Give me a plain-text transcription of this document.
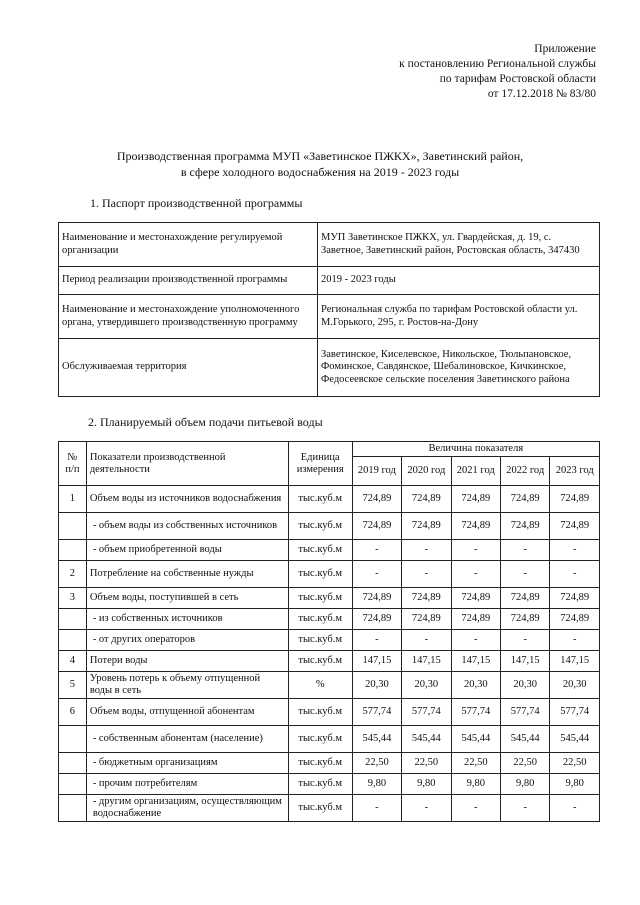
Приложение
к постановлению Региональной службы
по тарифам Ростовской области
от 17.12.2018 № 83/80
Производственная программа МУП «Заветинское ПЖКХ», Заветинский район,
в сфере холодного водоснабжения на 2019 - 2023 годы
1. Паспорт производственной программы
Наименование и местонахождение регулируемой организации	МУП Заветинское ПЖКХ, ул. Гвардейская, д. 19, с. Заветное, Заветинский район, Ростовская область, 347430
Период реализации производственной программы	2019 - 2023 годы
Наименование и местонахождение уполномоченного органа, утвердившего производственную программу	Региональная служба по тарифам Ростовской области ул. М.Горького, 295, г. Ростов-на-Дону
Обслуживаемая территория	Заветинское, Киселевское, Никольское, Тюльпановское, Фоминское, Савдянское, Шебалиновское, Кичкинское, Федосеевское сельские поселения Заветинского района
2. Планируемый объем подачи питьевой воды
№ п/п	Показатели производственной деятельности	Единица измерения	Величина показателя				
			2019 год	2020 год	2021 год	2022 год	2023 год
1	Объем воды из источников водоснабжения	тыс.куб.м	724,89	724,89	724,89	724,89	724,89
	- объем воды из собственных источников	тыс.куб.м	724,89	724,89	724,89	724,89	724,89
	- объем приобретенной воды	тыс.куб.м	-	-	-	-	-
2	Потребление на собственные нужды	тыс.куб.м	-	-	-	-	-
3	Объем воды, поступившей в сеть	тыс.куб.м	724,89	724,89	724,89	724,89	724,89
	- из собственных источников	тыс.куб.м	724,89	724,89	724,89	724,89	724,89
	- от других операторов	тыс.куб.м	-	-	-	-	-
4	Потери воды	тыс.куб.м	147,15	147,15	147,15	147,15	147,15
5	Уровень потерь к объему отпущенной воды в сеть	%	20,30	20,30	20,30	20,30	20,30
6	Объем воды, отпущенной абонентам	тыс.куб.м	577,74	577,74	577,74	577,74	577,74
	- собственным абонентам (население)	тыс.куб.м	545,44	545,44	545,44	545,44	545,44
	- бюджетным организациям	тыс.куб.м	22,50	22,50	22,50	22,50	22,50
	- прочим потребителям	тыс.куб.м	9,80	9,80	9,80	9,80	9,80
	- другим организациям, осуществляющим водоснабжение	тыс.куб.м	-	-	-	-	-
